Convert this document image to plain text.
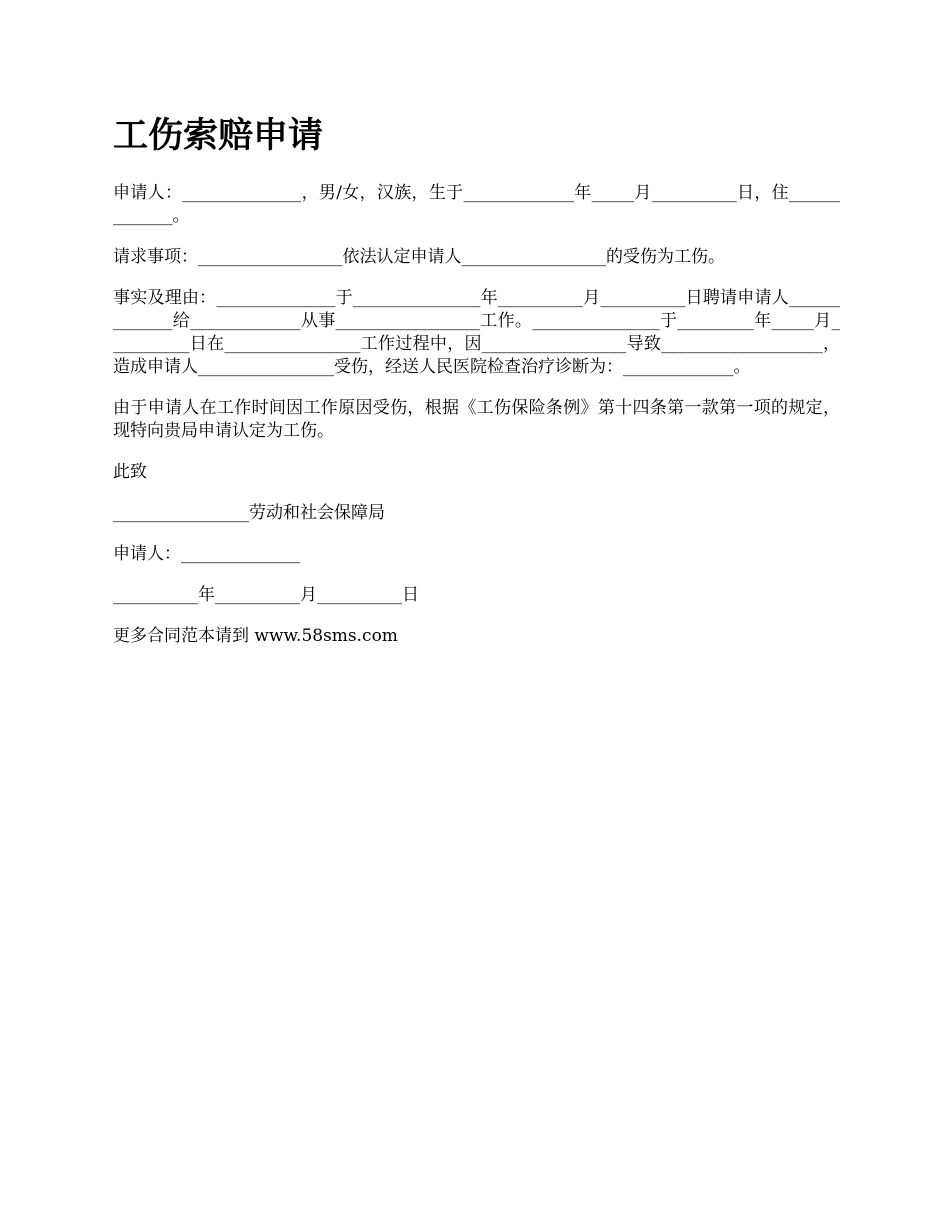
工伤索赔申请

申请人：______________，男/女，汉族，生于_____________年_____月__________日，住_____________。

请求事项：_________________依法认定申请人_________________的受伤为工伤。

事实及理由：______________于_______________年__________月__________日聘请申请人_____________给_____________从事_________________工作。_______________于_________年_____月__________日在________________工作过程中，因_________________导致___________________，造成申请人________________受伤，经送人民医院检查治疗诊断为：_____________。

由于申请人在工作时间因工作原因受伤，根据《工伤保险条例》第十四条第一款第一项的规定，现特向贵局申请认定为工伤。

此致

________________劳动和社会保障局

申请人：______________

__________年__________月__________日

更多合同范本请到 www.58sms.com
